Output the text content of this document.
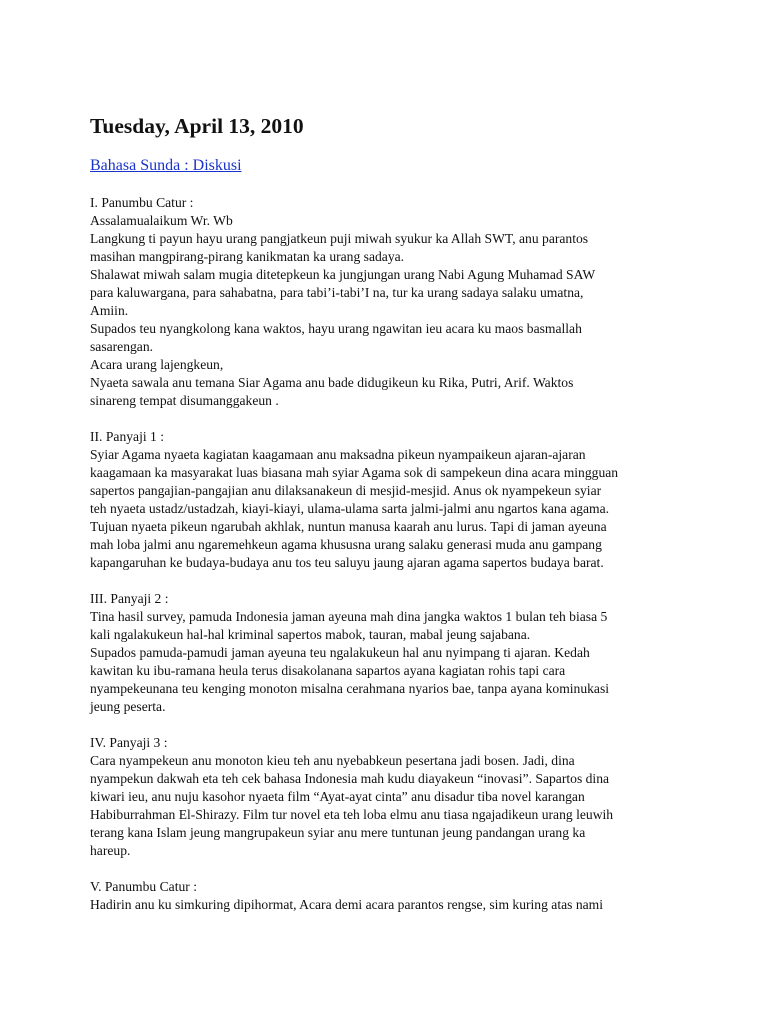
Tuesday, April 13, 2010
Bahasa Sunda : Diskusi
I. Panumbu Catur :
Assalamualaikum Wr. Wb
Langkung ti payun hayu urang pangjatkeun puji miwah syukur ka Allah SWT, anu parantos
masihan mangpirang-pirang kanikmatan ka urang sadaya.
Shalawat miwah salam mugia ditetepkeun ka jungjungan urang Nabi Agung Muhamad SAW
para kaluwargana, para sahabatna, para tabi’i-tabi’I na, tur ka urang sadaya salaku umatna,
Amiin.
Supados teu nyangkolong kana waktos, hayu urang ngawitan ieu acara ku maos basmallah
sasarengan.
Acara urang lajengkeun,
Nyaeta sawala anu temana Siar Agama anu bade didugikeun ku Rika, Putri, Arif. Waktos
sinareng tempat disumanggakeun .
II. Panyaji 1 :
Syiar Agama nyaeta kagiatan kaagamaan anu maksadna pikeun nyampaikeun ajaran-ajaran
kaagamaan ka masyarakat luas biasana mah syiar Agama sok di sampekeun dina acara mingguan
sapertos pangajian-pangajian anu dilaksanakeun di mesjid-mesjid. Anus ok nyampekeun syiar
teh nyaeta ustadz/ustadzah, kiayi-kiayi, ulama-ulama sarta jalmi-jalmi anu ngartos kana agama.
Tujuan nyaeta pikeun ngarubah akhlak, nuntun manusa kaarah anu lurus. Tapi di jaman ayeuna
mah loba jalmi anu ngaremehkeun agama khususna urang salaku generasi muda anu gampang
kapangaruhan ke budaya-budaya anu tos teu saluyu jaung ajaran agama sapertos budaya barat.
III. Panyaji 2 :
Tina hasil survey, pamuda Indonesia jaman ayeuna mah dina jangka waktos 1 bulan teh biasa 5
kali ngalakukeun hal-hal kriminal sapertos mabok, tauran, mabal jeung sajabana.
Supados pamuda-pamudi jaman ayeuna teu ngalakukeun hal anu nyimpang ti ajaran. Kedah
kawitan ku ibu-ramana heula terus disakolanana sapartos ayana kagiatan rohis tapi cara
nyampekeunana teu kenging monoton misalna cerahmana nyarios bae, tanpa ayana kominukasi
jeung peserta.
IV. Panyaji 3 :
Cara nyampekeun anu monoton kieu teh anu nyebabkeun pesertana jadi bosen. Jadi, dina
nyampekun dakwah eta teh cek bahasa Indonesia mah kudu diayakeun “inovasi”. Sapartos dina
kiwari ieu, anu nuju kasohor nyaeta film “Ayat-ayat cinta” anu disadur tiba novel karangan
Habiburrahman El-Shirazy. Film tur novel eta teh loba elmu anu tiasa ngajadikeun urang leuwih
terang kana Islam jeung mangrupakeun syiar anu mere tuntunan jeung pandangan urang ka
hareup.
V. Panumbu Catur :
Hadirin anu ku simkuring dipihormat, Acara demi acara parantos rengse, sim kuring atas nami
